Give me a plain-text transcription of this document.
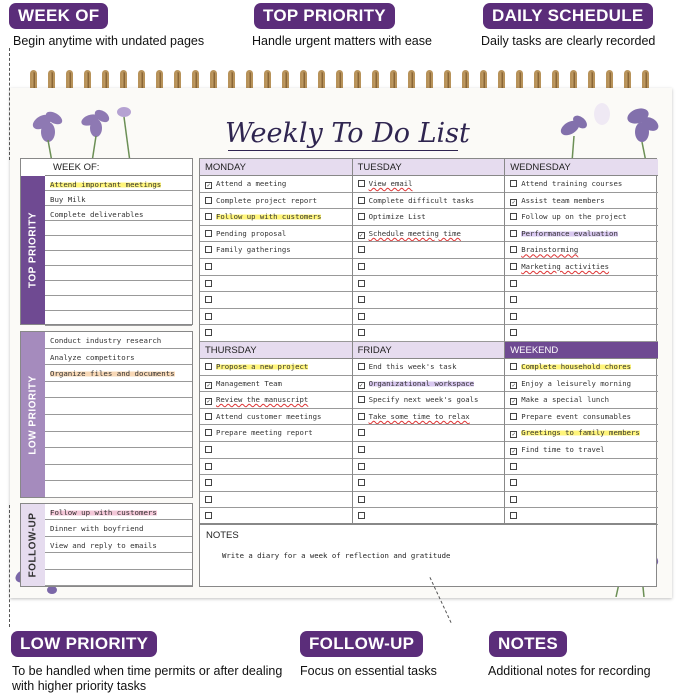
WEEK OF
Begin anytime with undated pages
TOP PRIORITY
Handle urgent matters with ease
DAILY SCHEDULE
Daily tasks are clearly recorded
Weekly To Do List
TOP PRIORITY
WEEK OF:
Attend important meetings
Buy Milk
Complete deliverables
LOW PRIORITY
Conduct industry research
Analyze competitors
Organize files and documents
FOLLOW-UP
Follow up with customers
Dinner with boyfriend
View and reply to emails
MONDAY
✓ Attend a meeting
Complete project report
Follow up with customers
Pending proposal
Family gatherings
TUESDAY
View email
Complete difficult tasks
Optimize List
✓ Schedule meeting time
WEDNESDAY
Attend training courses
✓ Assist team members
Follow up on the project
Performance evaluation
Brainstorming
Marketing activities
THURSDAY
Propose a new project
✓ Management Team
✓ Review the manuscript
Attend customer meetings
Prepare meeting report
FRIDAY
End this week's task
✓ Organizational workspace
Specify next week's goals
Take some time to relax
WEEKEND
Complete household chores
✓ Enjoy a leisurely morning
✓ Make a special lunch
Prepare event consumables
✓ Greetings to family members
✓ Find time to travel
NOTES
Write a diary for a week of reflection and gratitude
LOW PRIORITY
To be handled when time permits or after dealing with higher priority tasks
FOLLOW-UP
Focus on essential tasks
NOTES
Additional notes for recording
